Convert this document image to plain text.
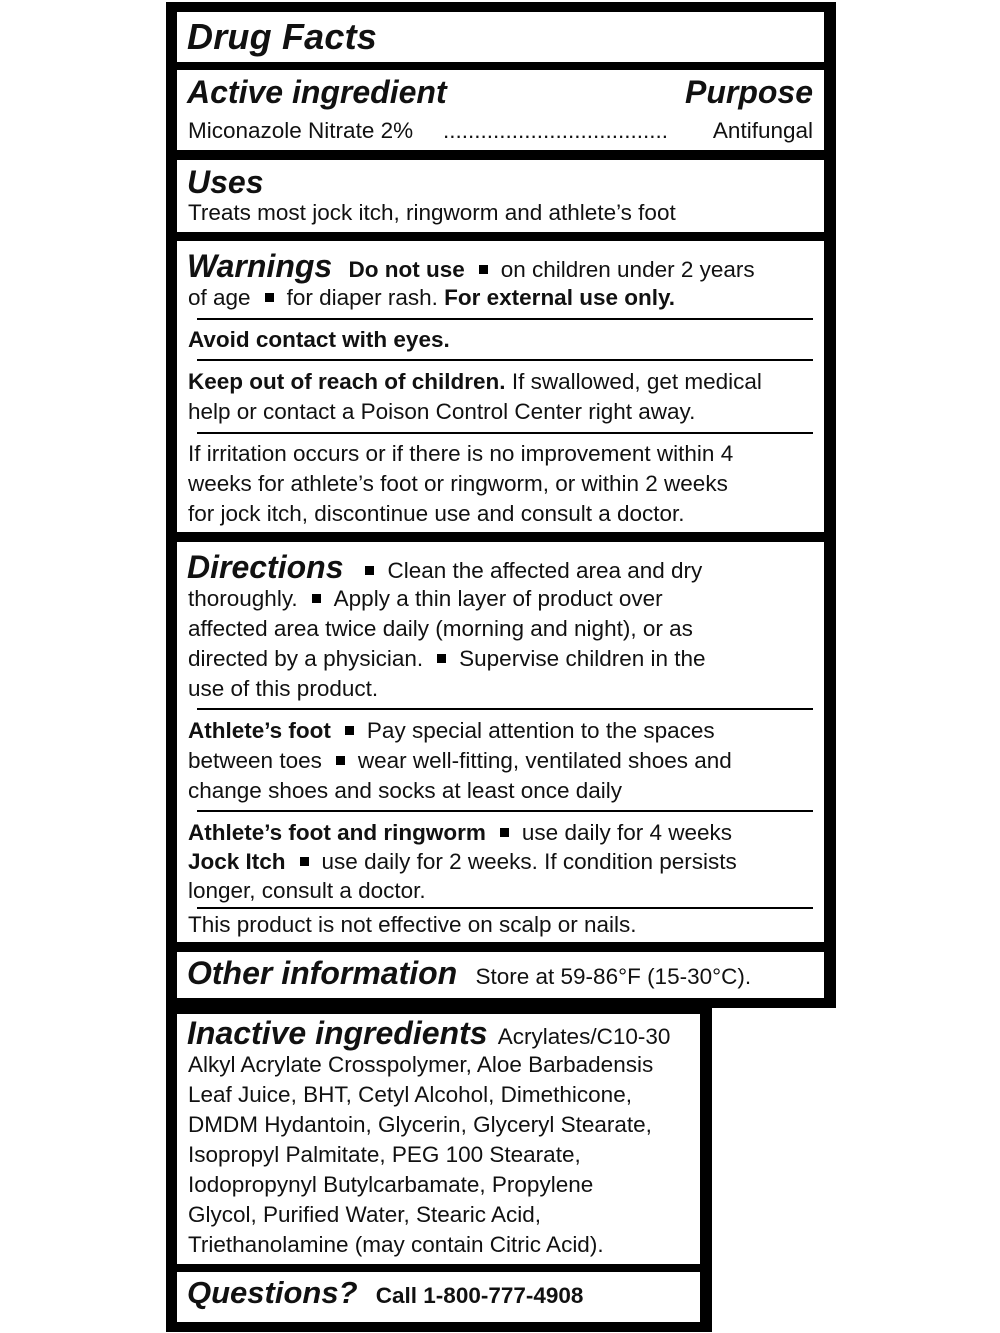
Drug Facts
Active ingredient	Purpose
Miconazole Nitrate 2% ....................................	Antifungal
Uses
Treats most jock itch, ringworm and athlete’s foot
Warnings Do not use on children under 2 years
of age for diaper rash. For external use only.
Avoid contact with eyes.
Keep out of reach of children. If swallowed, get medical
help or contact a Poison Control Center right away.
If irritation occurs or if there is no improvement within 4
weeks for athlete’s foot or ringworm, or within 2 weeks
for jock itch, discontinue use and consult a doctor.
Directions Clean the affected area and dry
thoroughly. Apply a thin layer of product over
affected area twice daily (morning and night), or as
directed by a physician. Supervise children in the
use of this product.
Athlete’s foot Pay special attention to the spaces
between toes wear well-fitting, ventilated shoes and
change shoes and socks at least once daily
Athlete’s foot and ringworm use daily for 4 weeks
Jock Itch use daily for 2 weeks. If condition persists
longer, consult a doctor.
This product is not effective on scalp or nails.
Other information Store at 59-86°F (15-30°C).
Inactive ingredients Acrylates/C10-30
Alkyl Acrylate Crosspolymer, Aloe Barbadensis
Leaf Juice, BHT, Cetyl Alcohol, Dimethicone,
DMDM Hydantoin, Glycerin, Glyceryl Stearate,
Isopropyl Palmitate, PEG 100 Stearate,
Iodopropynyl Butylcarbamate, Propylene
Glycol, Purified Water, Stearic Acid,
Triethanolamine (may contain Citric Acid).
Questions? Call 1-800-777-4908
